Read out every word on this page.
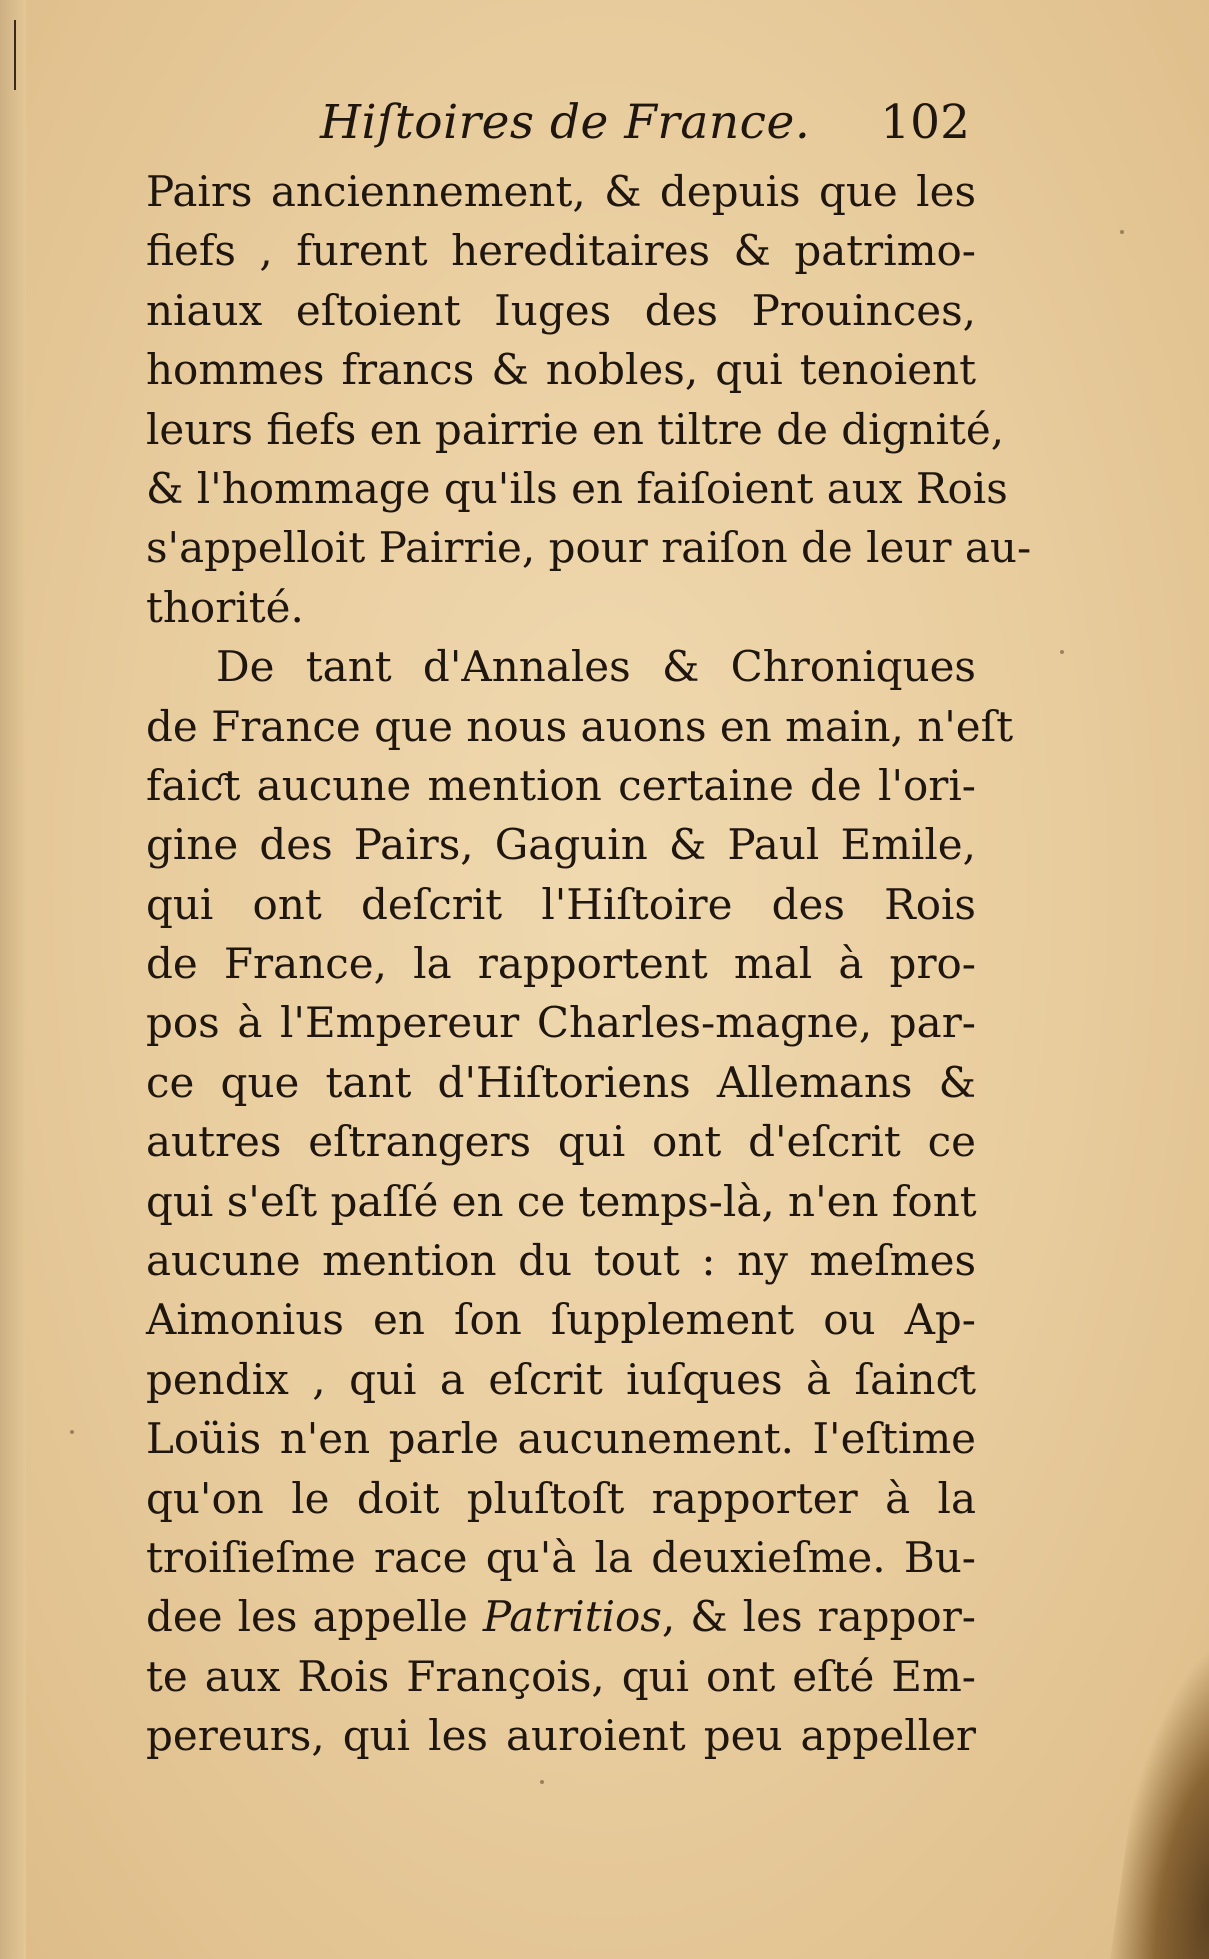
Hiſtoires de France. 102
Pairs anciennement, & depuis que les
fiefs , furent hereditaires & patrimo-
niaux eſtoient Iuges des Prouinces,
hommes francs & nobles, qui tenoient
leurs fiefs en pairrie en tiltre de dignité,
& l'hommage qu'ils en faiſoient aux Rois
s'appelloit Pairrie, pour raiſon de leur au-
thorité.
De tant d'Annales & Chroniques
de France que nous auons en main, n'eſt
faiƈt aucune mention certaine de l'ori-
gine des Pairs, Gaguin & Paul Emile,
qui ont deſcrit l'Hiſtoire des Rois
de France, la rapportent mal à pro-
pos à l'Empereur Charles-magne, par-
ce que tant d'Hiſtoriens Allemans &
autres eſtrangers qui ont d'eſcrit ce
qui s'eſt paſſé en ce temps-là, n'en font
aucune mention du tout : ny meſmes
Aimonius en ſon ſupplement ou Ap-
pendix , qui a eſcrit iuſques à ſainƈt
Loüis n'en parle aucunement. I'eſtime
qu'on le doit pluſtoſt rapporter à la
troiſieſme race qu'à la deuxieſme. Bu-
dee les appelle Patritios, & les rappor-
te aux Rois François, qui ont eſté Em-
pereurs, qui les auroient peu appeller
